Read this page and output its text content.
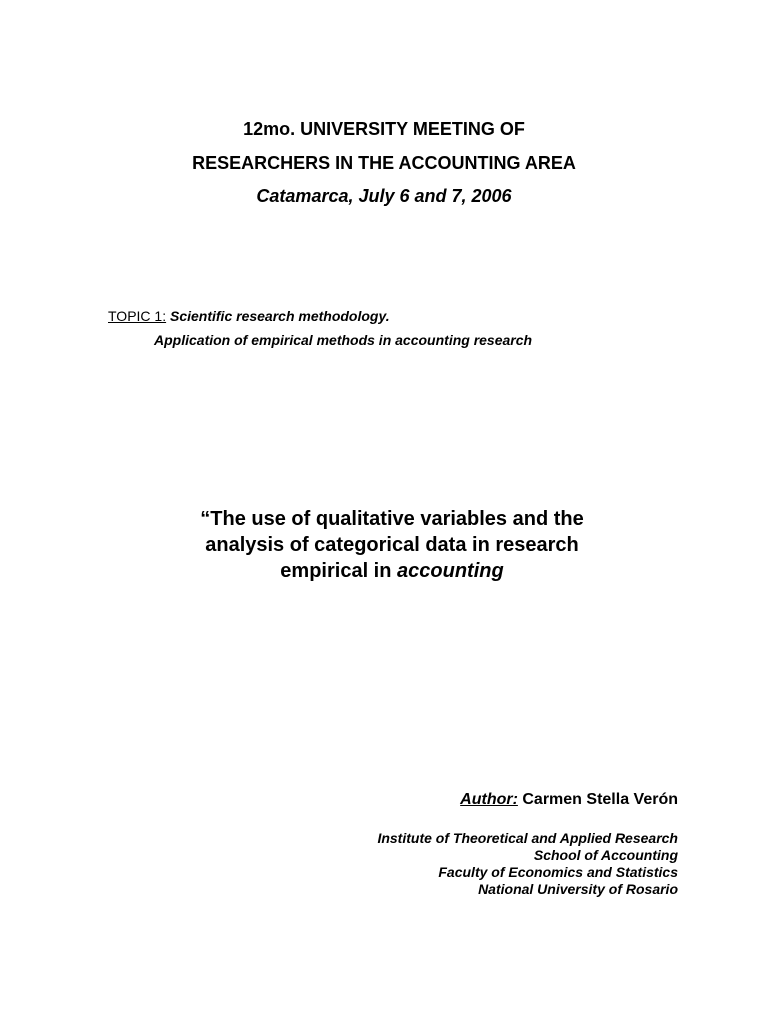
12mo. UNIVERSITY MEETING OF
RESEARCHERS IN THE ACCOUNTING AREA
Catamarca, July 6 and 7, 2006
TOPIC 1: Scientific research methodology.
Application of empirical methods in accounting research
“The use of qualitative variables and the
analysis of categorical data in research
empirical in accounting
Author: Carmen Stella Verón
Institute of Theoretical and Applied Research
School of Accounting
Faculty of Economics and Statistics
National University of Rosario
